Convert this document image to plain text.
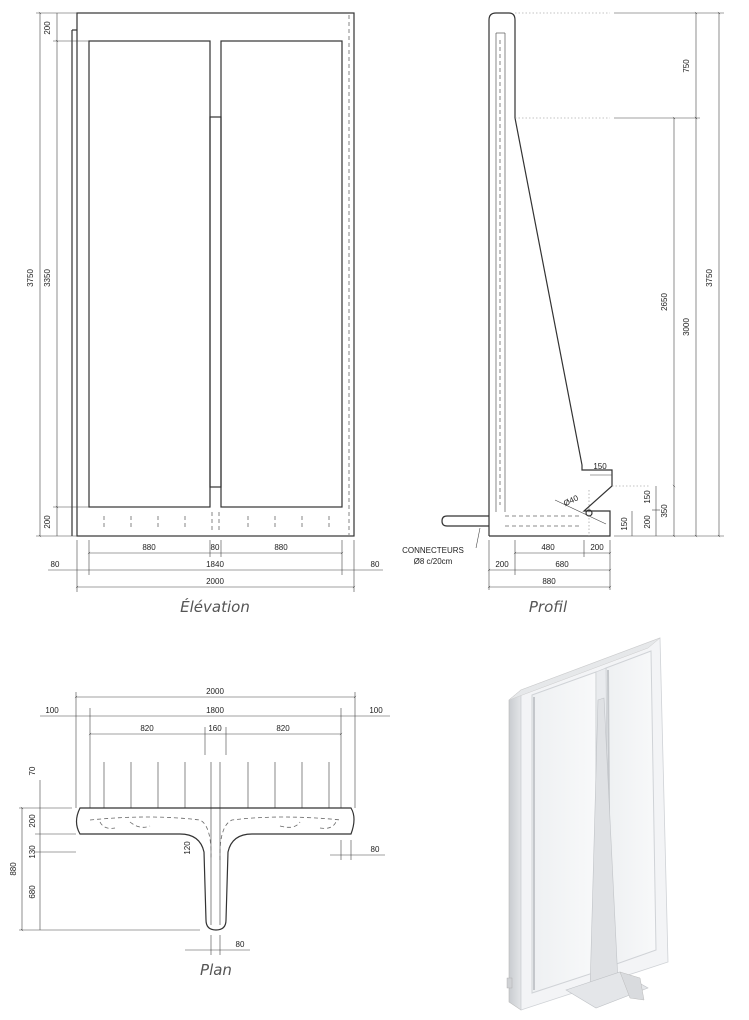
3750 3350
200
200
880	80	880
80	1840	80
2000
Élévation
Ø40
CONNECTEURS
Ø8 c/20cm
750
3750
3000
2650
350
200
150
150
150
480	200
200	680
880
Profil
2000
100	1800	100
820	160	820
880
70
200
130
680
120	80
80
Plan
